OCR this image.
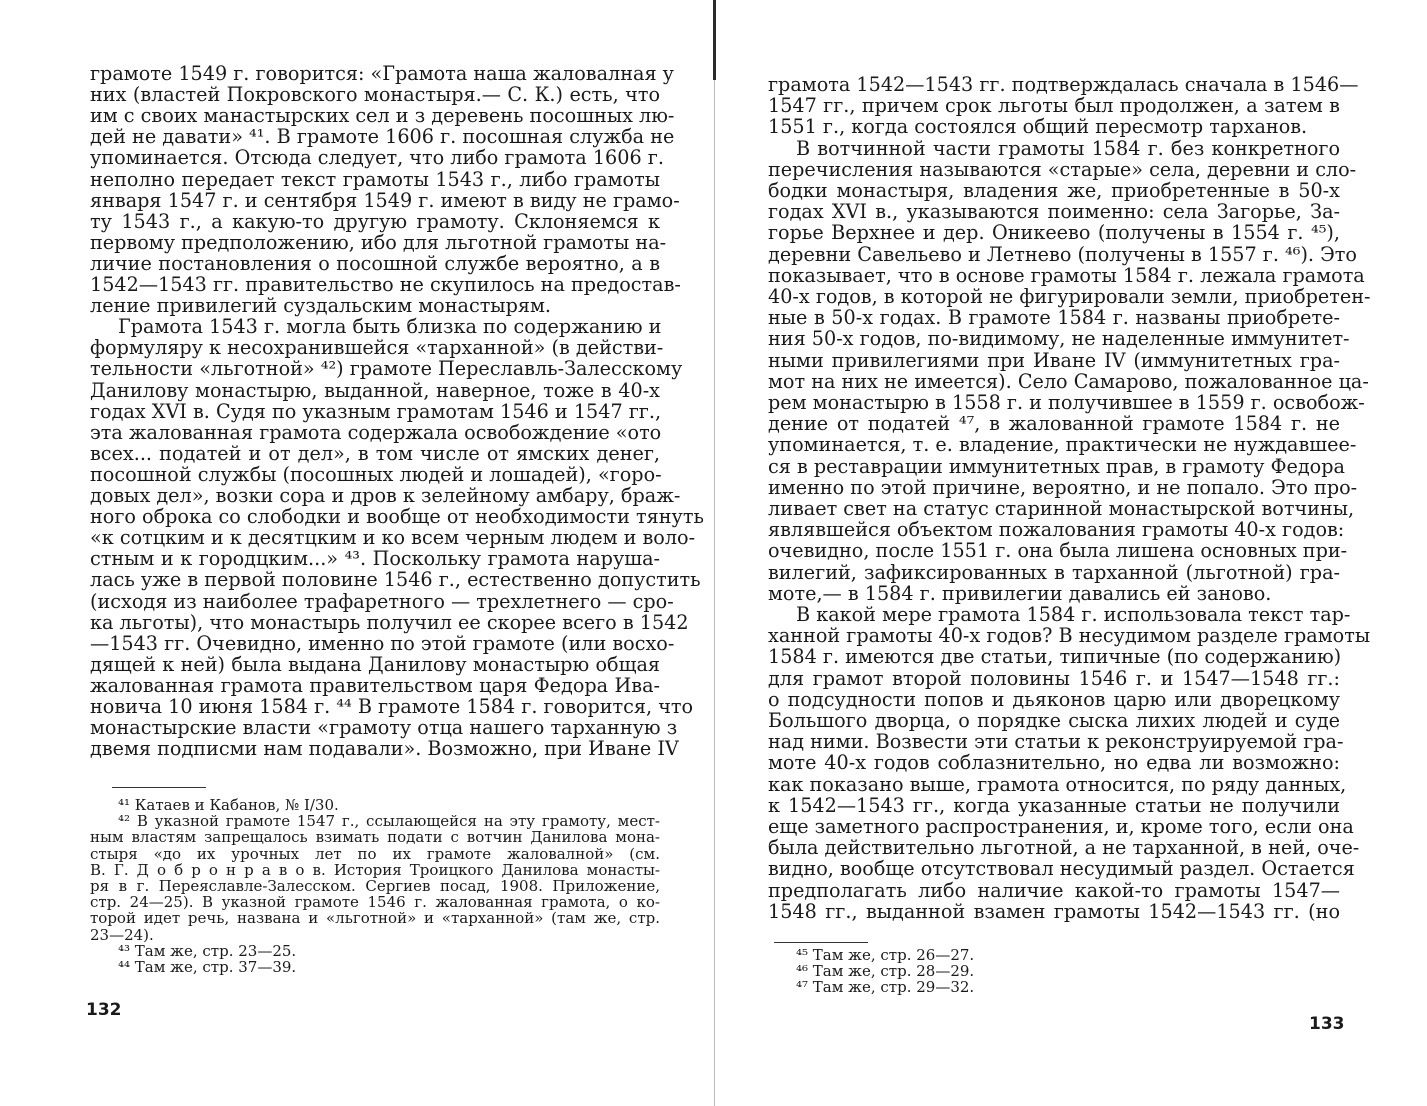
грамоте 1549 г. говорится: «Грамота наша жаловалная у
них (властей Покровского монастыря.— С. К.) есть, что
им с своих манастырских сел и з деревень посошных лю-
дей не давати» ⁴¹. В грамоте 1606 г. посошная служба не
упоминается. Отсюда следует, что либо грамота 1606 г.
неполно передает текст грамоты 1543 г., либо грамоты
января 1547 г. и сентября 1549 г. имеют в виду не грамо-
ту 1543 г., а какую-то другую грамоту. Склоняемся к
первому предположению, ибо для льготной грамоты на-
личие постановления о посошной службе вероятно, а в
1542—1543 гг. правительство не скупилось на предостав-
ление привилегий суздальским монастырям.
Грамота 1543 г. могла быть близка по содержанию и
формуляру к несохранившейся «тарханной» (в действи-
тельности «льготной» ⁴²) грамоте Переславль-Залесскому
Данилову монастырю, выданной, наверное, тоже в 40-х
годах XVI в. Судя по указным грамотам 1546 и 1547 гг.,
эта жалованная грамота содержала освобождение «ото
всех... податей и от дел», в том числе от ямских денег,
посошной службы (посошных людей и лошадей), «горо-
довых дел», возки сора и дров к зелейному амбару, браж-
ного оброка со слободки и вообще от необходимости тянуть
«к сотцким и к десятцким и ко всем черным людем и воло-
стным и к городцким...» ⁴³. Поскольку грамота наруша-
лась уже в первой половине 1546 г., естественно допустить
(исходя из наиболее трафаретного — трехлетнего — сро-
ка льготы), что монастырь получил ее скорее всего в 1542
—1543 гг. Очевидно, именно по этой грамоте (или восхо-
дящей к ней) была выдана Данилову монастырю общая
жалованная грамота правительством царя Федора Ива-
новича 10 июня 1584 г. ⁴⁴ В грамоте 1584 г. говорится, что
монастырские власти «грамоту отца нашего тарханную з
двемя подписми нам подавали». Возможно, при Иване IV
⁴¹ Катаев и Кабанов, № I/30.
⁴² В указной грамоте 1547 г., ссылающейся на эту грамоту, мест-
ным властям запрещалось взимать подати с вотчин Данилова мона-
стыря «до их урочных лет по их грамоте жаловалной» (см.
В. Г. Д о б р о н р а в о в. История Троицкого Данилова монасты-
ря в г. Переяславле-Залесском. Сергиев посад, 1908. Приложение,
стр. 24—25). В указной грамоте 1546 г. жалованная грамота, о ко-
торой идет речь, названа и «льготной» и «тарханной» (там же, стр.
23—24).
⁴³ Там же, стр. 23—25.
⁴⁴ Там же, стр. 37—39.
132
грамота 1542—1543 гг. подтверждалась сначала в 1546—
1547 гг., причем срок льготы был продолжен, а затем в
1551 г., когда состоялся общий пересмотр тарханов.
В вотчинной части грамоты 1584 г. без конкретного
перечисления называются «старые» села, деревни и сло-
бодки монастыря, владения же, приобретенные в 50-х
годах XVI в., указываются поименно: села Загорье, За-
горье Верхнее и дер. Оникеево (получены в 1554 г. ⁴⁵),
деревни Савельево и Летнево (получены в 1557 г. ⁴⁶). Это
показывает, что в основе грамоты 1584 г. лежала грамота
40-х годов, в которой не фигурировали земли, приобретен-
ные в 50-х годах. В грамоте 1584 г. названы приобрете-
ния 50-х годов, по-видимому, не наделенные иммунитет-
ными привилегиями при Иване IV (иммунитетных гра-
мот на них не имеется). Село Самарово, пожалованное ца-
рем монастырю в 1558 г. и получившее в 1559 г. освобож-
дение от податей ⁴⁷, в жалованной грамоте 1584 г. не
упоминается, т. е. владение, практически не нуждавшее-
ся в реставрации иммунитетных прав, в грамоту Федора
именно по этой причине, вероятно, и не попало. Это про-
ливает свет на статус старинной монастырской вотчины,
являвшейся объектом пожалования грамоты 40-х годов:
очевидно, после 1551 г. она была лишена основных при-
вилегий, зафиксированных в тарханной (льготной) гра-
моте,— в 1584 г. привилегии давались ей заново.
В какой мере грамота 1584 г. использовала текст тар-
ханной грамоты 40-х годов? В несудимом разделе грамоты
1584 г. имеются две статьи, типичные (по содержанию)
для грамот второй половины 1546 г. и 1547—1548 гг.:
о подсудности попов и дьяконов царю или дворецкому
Большого дворца, о порядке сыска лихих людей и суде
над ними. Возвести эти статьи к реконструируемой гра-
моте 40-х годов соблазнительно, но едва ли возможно:
как показано выше, грамота относится, по ряду данных,
к 1542—1543 гг., когда указанные статьи не получили
еще заметного распространения, и, кроме того, если она
была действительно льготной, а не тарханной, в ней, оче-
видно, вообще отсутствовал несудимый раздел. Остается
предполагать либо наличие какой-то грамоты 1547—
1548 гг., выданной взамен грамоты 1542—1543 гг. (но
⁴⁵ Там же, стр. 26—27.
⁴⁶ Там же, стр. 28—29.
⁴⁷ Там же, стр. 29—32.
133
